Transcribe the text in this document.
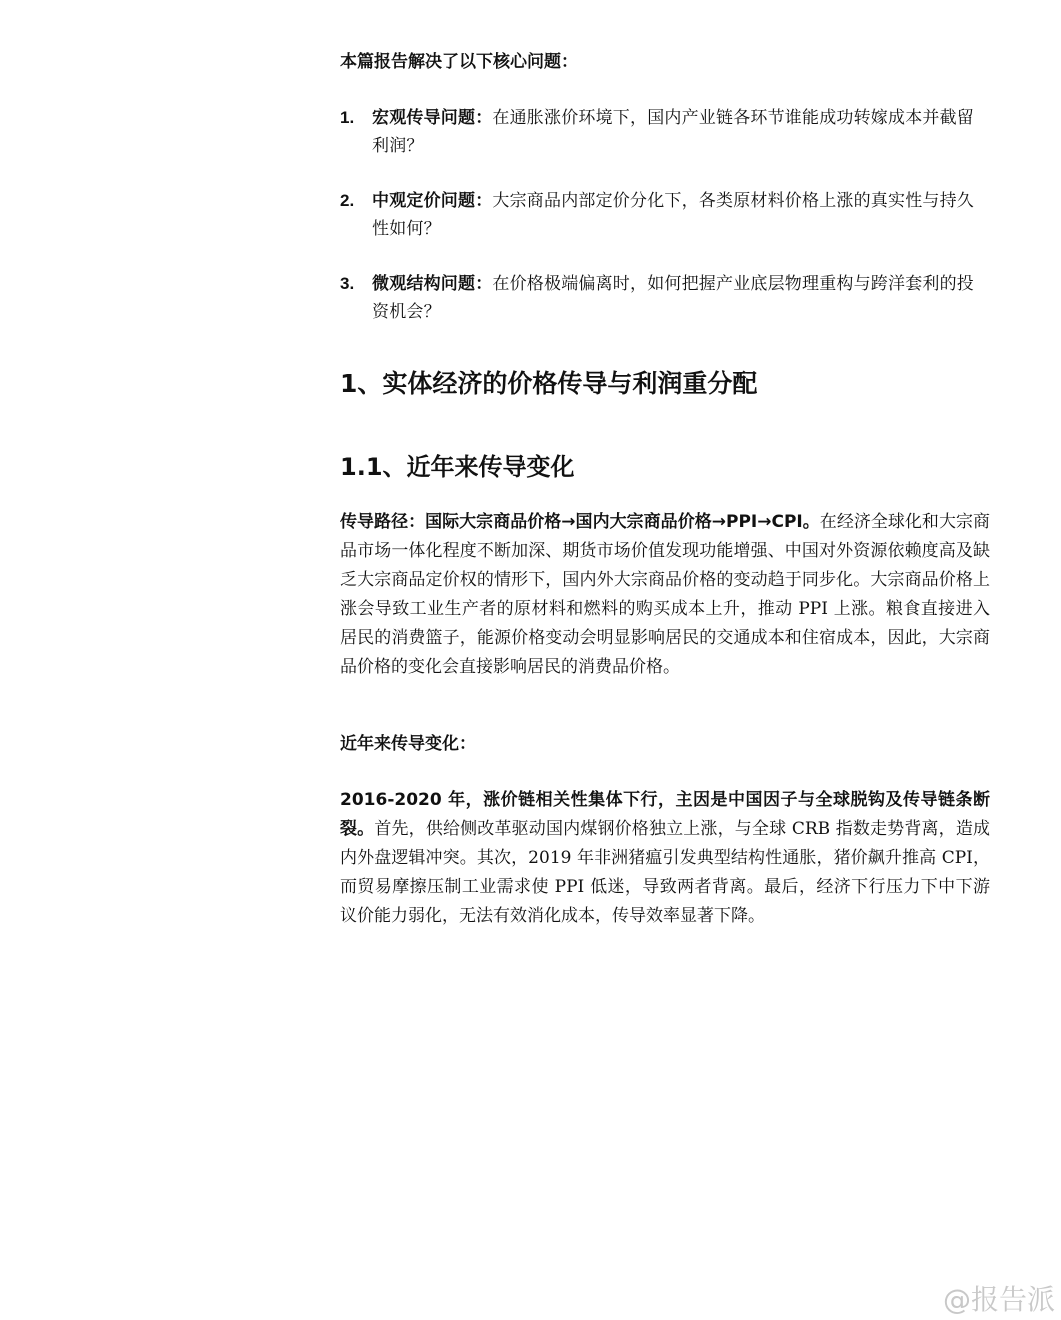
本篇报告解决了以下核心问题：
1. 宏观传导问题：在通胀涨价环境下，国内产业链各环节谁能成功转嫁成本并截留利润？
2. 中观定价问题：大宗商品内部定价分化下，各类原材料价格上涨的真实性与持久性如何？
3. 微观结构问题：在价格极端偏离时，如何把握产业底层物理重构与跨洋套利的投资机会？
1、实体经济的价格传导与利润重分配
1.1、近年来传导变化
传导路径：国际大宗商品价格→国内大宗商品价格→PPI→CPI。在经济全球化和大宗商品市场一体化程度不断加深、期货市场价值发现功能增强、中国对外资源依赖度高及缺乏大宗商品定价权的情形下，国内外大宗商品价格的变动趋于同步化。大宗商品价格上涨会导致工业生产者的原材料和燃料的购买成本上升，推动 PPI 上涨。粮食直接进入居民的消费篮子，能源价格变动会明显影响居民的交通成本和住宿成本，因此，大宗商品价格的变化会直接影响居民的消费品价格。
近年来传导变化：
2016-2020 年，涨价链相关性集体下行，主因是中国因子与全球脱钩及传导链条断裂。首先，供给侧改革驱动国内煤钢价格独立上涨，与全球 CRB 指数走势背离，造成内外盘逻辑冲突。其次，2019 年非洲猪瘟引发典型结构性通胀，猪价飙升推高 CPI，而贸易摩擦压制工业需求使 PPI 低迷，导致两者背离。最后，经济下行压力下中下游议价能力弱化，无法有效消化成本，传导效率显著下降。
@报告派
